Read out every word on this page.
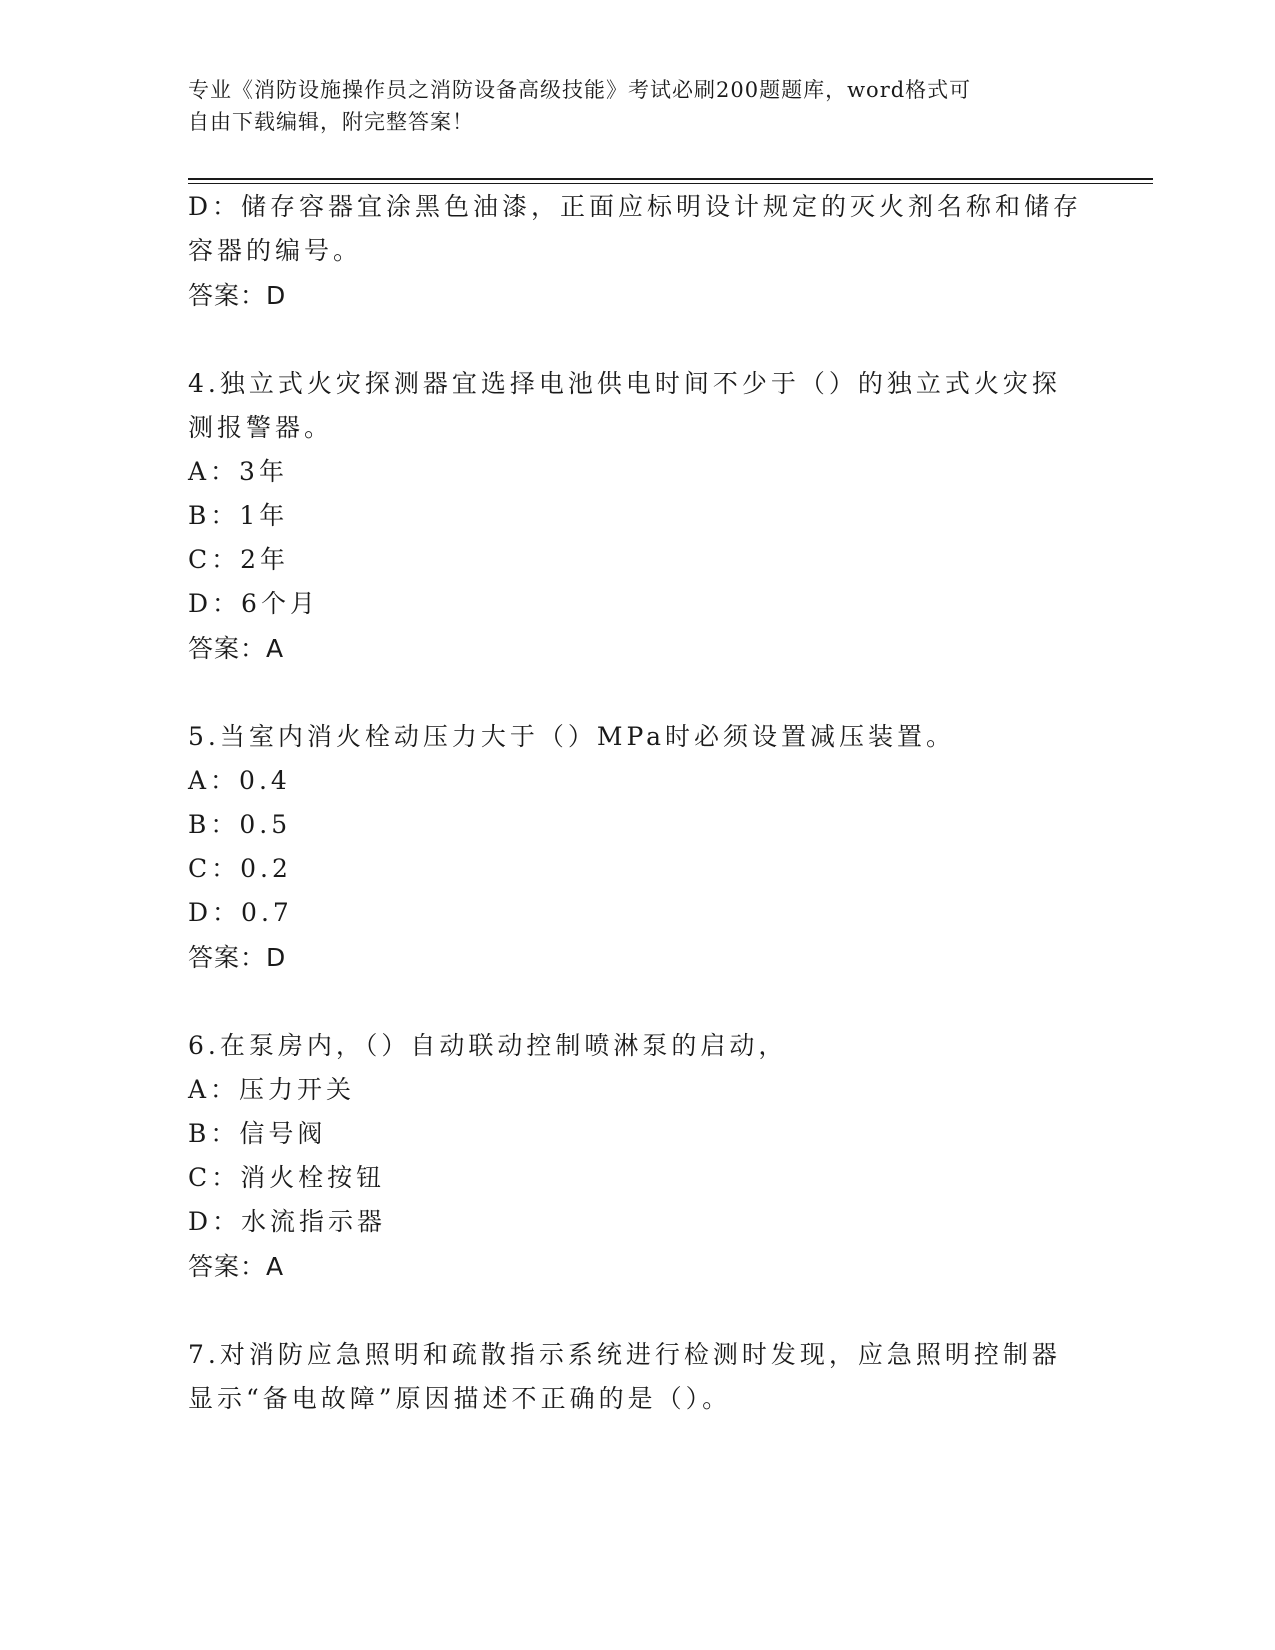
专业《消防设施操作员之消防设备高级技能》考试必刷200题题库，word格式可
自由下载编辑，附完整答案！
D：储存容器宜涂黑色油漆，正面应标明设计规定的灭火剂名称和储存
容器的编号。
答案：D
4.独立式火灾探测器宜选择电池供电时间不少于（）的独立式火灾探
测报警器。
A：3年
B：1年
C：2年
D：6个月
答案：A
5.当室内消火栓动压力大于（）MPa时必须设置减压装置。
A：0.4
B：0.5
C：0.2
D：0.7
答案：D
6.在泵房内，（）自动联动控制喷淋泵的启动，
A：压力开关
B：信号阀
C：消火栓按钮
D：水流指示器
答案：A
7.对消防应急照明和疏散指示系统进行检测时发现，应急照明控制器
显示“备电故障”原因描述不正确的是（）。
